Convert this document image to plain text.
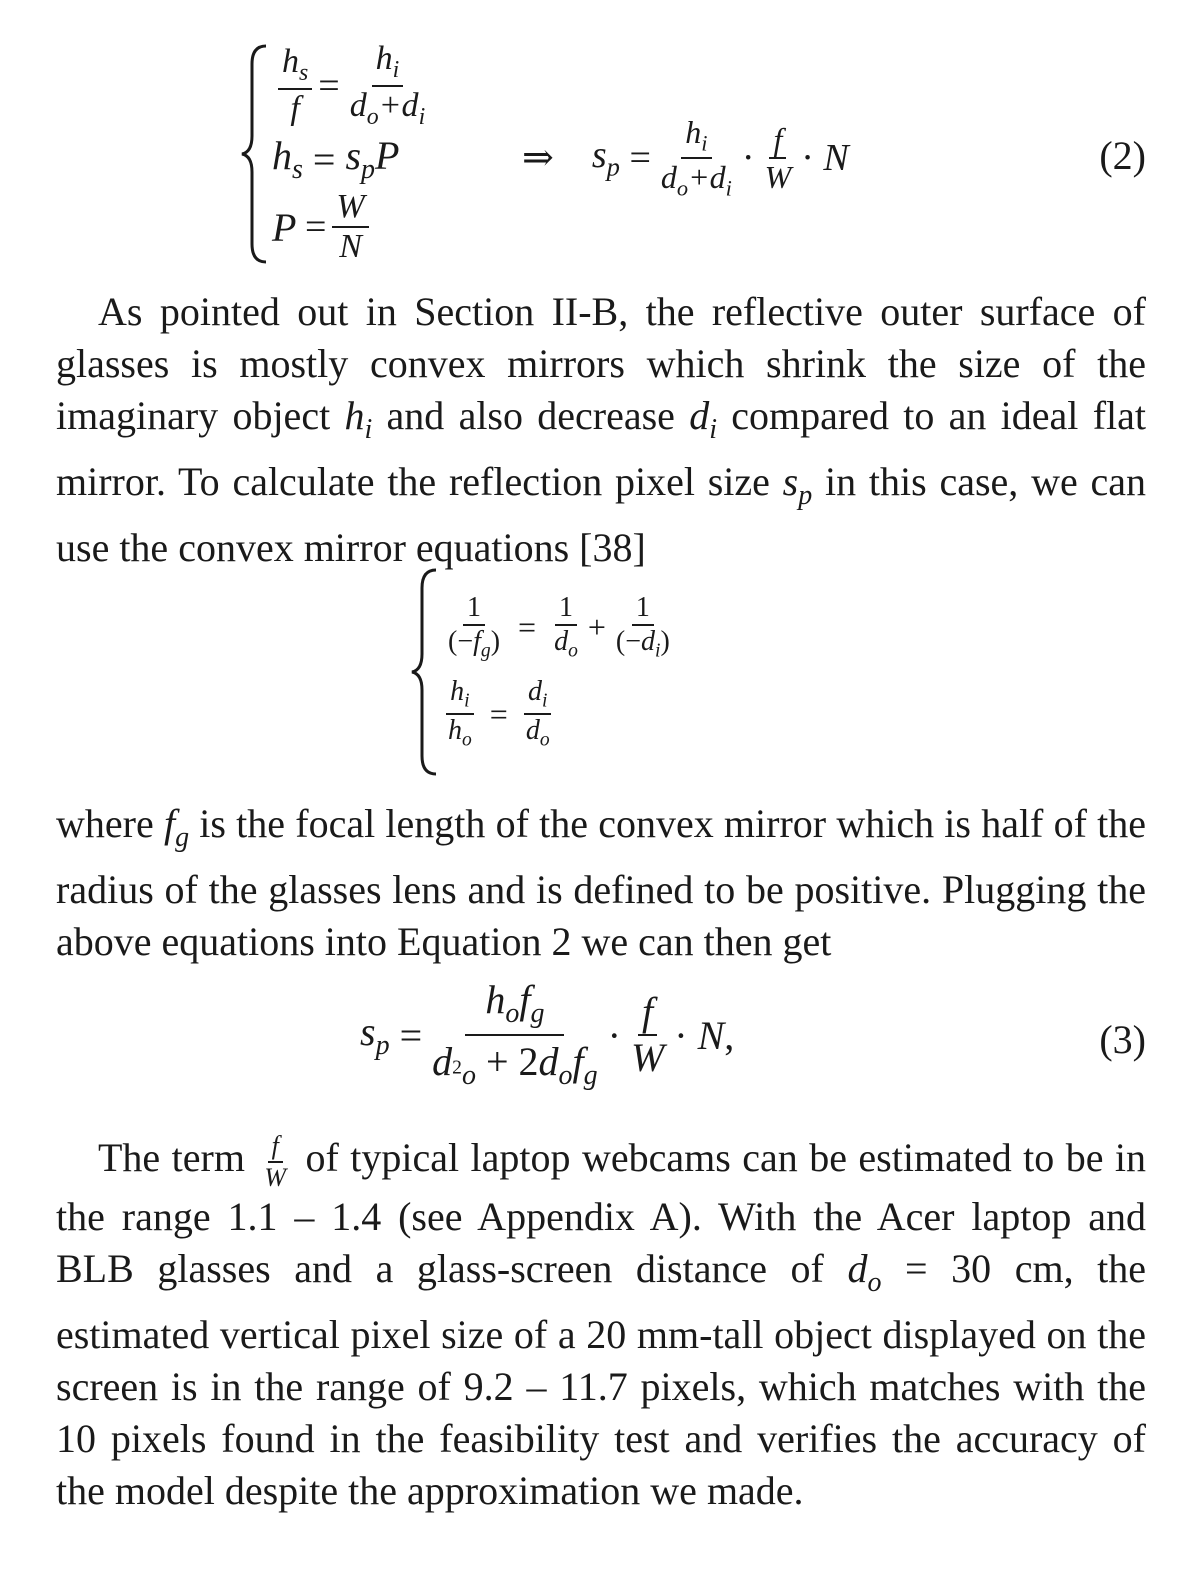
$\frac{h_s}{f} = \frac{h_i}{d_o+d_i}$
$h_s = s_pP$
P
= $\frac{W}{N}$
⇒
$s_p = \frac{h_i}{d_o+d_i} \cdot \frac{f}{W} \cdot N$	(2)

As pointed out in Section II-B, the reflective outer surface of glasses is mostly convex mirrors which shrink the size of the imaginary object $h_i$ and also decrease $d_i$ compared to an ideal flat mirror. To calculate the reflection pixel size $s_p$ in this case, we can use the convex mirror equations [38]

$\frac{1}{(-f_g)} = \frac{1}{d_o} + \frac{1}{(-d_i)}$
$\frac{h_i}{h_o} = \frac{d_i}{d_o}$

where $f_g$ is the focal length of the convex mirror which is half of the radius of the glasses lens and is defined to be positive. Plugging the above equations into Equation 2 we can then get

$s_p = \frac{h_of_g}{d_{^2o} + 2d_of_g} \cdot \frac{f}{W} \cdot N$ ,	(3)

The term $\frac{f}{W}$ of typical laptop webcams can be estimated to be in the range 1.1 – 1.4 (see Appendix A). With the Acer laptop and BLB glasses and a glass-screen distance of $d_o = 30$ cm, the estimated vertical pixel size of a 20 mm-tall object displayed on the screen is in the range of 9.2 – 11.7 pixels, which matches with the 10 pixels found in the feasibility test and verifies the accuracy of the model despite the approximation we made.
